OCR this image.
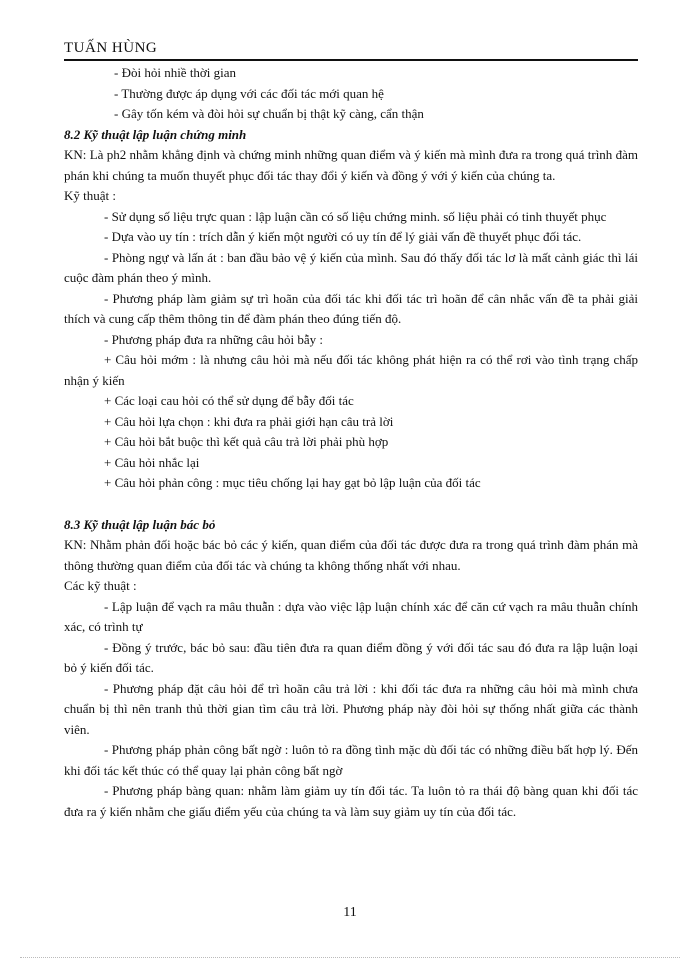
TUẤN HÙNG

- Đòi hỏi nhiề thời gian

- Thường được áp dụng với các đối tác mới quan hệ

- Gây tốn kém và đòi hỏi sự chuẩn bị thật kỹ càng, cẩn thận

8.2 Kỹ thuật lập luận chứng minh

KN: Là ph2 nhằm khẳng định và chứng minh những quan điểm và ý kiến mà mình đưa ra trong quá trình đàm phán khi chúng ta muốn thuyết phục đối tác thay đổi ý kiến và đồng ý với ý kiến của chúng ta.

Kỹ thuật :

- Sử dụng số liệu trực quan : lập luận cần có số liệu chứng minh. số liệu phải có tinh thuyết phục

- Dựa vào uy tín : trích dẫn ý kiến một người có uy tín để lý giải vấn đề thuyết phục đối tác.

- Phòng ngự và lấn át : ban đầu bảo vệ ý kiến của mình. Sau đó thấy đối tác lơ là mất cảnh giác thì lái cuộc đàm phán theo ý mình.

- Phương pháp làm giảm sự trì hoãn của đối tác khi đối tác trì hoãn để cân nhắc vấn đề ta phải giải thích và cung cấp thêm thông tin để đàm phán theo đúng tiến độ.

- Phương pháp đưa ra những câu hỏi bẫy :

+ Câu hỏi mớm : là nhưng câu hỏi mà nếu đối tác không phát hiện ra có thể rơi vào tình trạng chấp nhận ý kiến

+ Các loại cau hỏi có thể sử dụng để bẫy đối tác

+ Câu hỏi lựa chọn : khi đưa ra phải giới hạn câu trả lời

+ Câu hỏi bắt buộc thì kết quả câu trả lời phải phù hợp

+ Câu hỏi nhắc lại

+ Câu hỏi phản công : mục tiêu chống lại hay gạt bỏ lập luận của đối tác

8.3 Kỹ thuật lập luận bác bỏ

KN: Nhằm phản đối hoặc bác bỏ các ý kiến, quan điểm của đối tác được đưa ra trong quá trình đàm phán mà thông thường quan điểm của đối tác và chúng ta không thống nhất với nhau.

Các kỹ thuật :

- Lập luận để vạch ra mâu thuẫn : dựa vào việc lập luận chính xác để căn cứ vạch ra mâu thuẫn chính xác, có trình tự

- Đồng ý trước, bác bỏ sau: đầu tiên đưa ra quan điểm đồng ý với đối tác sau đó đưa ra lập luận loại bỏ ý kiến đối tác.

- Phương pháp đặt câu hỏi để trì hoãn câu trả lời : khi đối tác đưa ra những câu hỏi mà mình chưa chuẩn bị thì nên tranh thủ thời gian tìm câu trả lời. Phương pháp này đòi hỏi sự thống nhất giữa các thành viên.

- Phương pháp phản công bất ngờ : luôn tỏ ra đồng tình mặc dù đối tác có những điều bất hợp lý. Đến khi đối tác kết thúc có thể quay lại phản công bất ngờ

- Phương pháp bàng quan: nhằm làm giảm uy tín đối tác. Ta luôn tỏ ra thái độ bàng quan khi đối tác đưa ra ý kiến nhằm che giấu điểm yếu của chúng ta và làm suy giảm uy tín của đối tác.

11
